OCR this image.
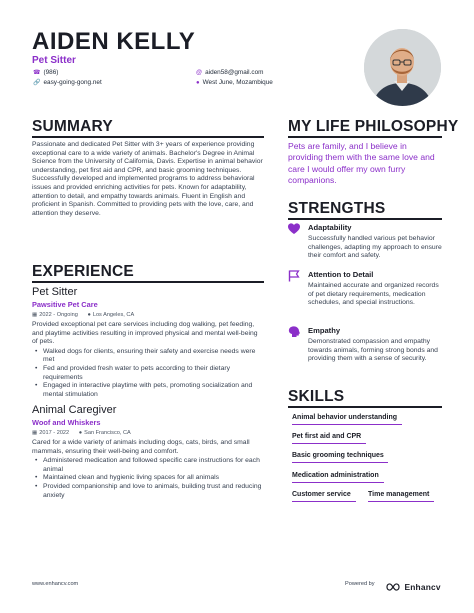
AIDEN KELLY
Pet Sitter
☎ (986)
🔗 easy-going-gong.net
@ aiden58@gmail.com
● West June, Mozambique
SUMMARY
Passionate and dedicated Pet Sitter with 3+ years of experience providing exceptional care to a wide variety of animals. Bachelor's Degree in Animal Science from the University of California, Davis. Expertise in animal behavior understanding, pet first aid and CPR, and basic grooming techniques. Successfully developed and implemented programs to address behavioral issues and provided enriching activities for pets. Known for adaptability, attention to detail, and empathy towards animals. Fluent in English and proficient in Spanish. Committed to providing pets with the love, care, and attention they deserve.
EXPERIENCE
Pet Sitter
Pawsitive Pet Care
▦ 2022 - Ongoing ● Los Angeles, CA
Provided exceptional pet care services including dog walking, pet feeding, and playtime activities resulting in improved physical and mental well-being of pets.
• Walked dogs for clients, ensuring their safety and exercise needs were met
• Fed and provided fresh water to pets according to their dietary requirements
• Engaged in interactive playtime with pets, promoting socialization and mental stimulation
Animal Caregiver
Woof and Whiskers
▦ 2017 - 2022 ● San Francisco, CA
Cared for a wide variety of animals including dogs, cats, birds, and small mammals, ensuring their well-being and comfort.
• Administered medication and followed specific care instructions for each animal
• Maintained clean and hygienic living spaces for all animals
• Provided companionship and love to animals, building trust and reducing anxiety
MY LIFE PHILOSOPHY
Pets are family, and I believe in providing them with the same love and care I would offer my own furry companions.
STRENGTHS
Adaptability
Successfully handled various pet behavior challenges, adapting my approach to ensure their comfort and safety.
Attention to Detail
Maintained accurate and organized records of pet dietary requirements, medication schedules, and special instructions.
Empathy
Demonstrated compassion and empathy towards animals, forming strong bonds and providing them with a sense of security.
SKILLS
Animal behavior understanding
Pet first aid and CPR
Basic grooming techniques
Medication administration
Customer service	Time management
www.enhancv.com	Powered by	Enhancv
